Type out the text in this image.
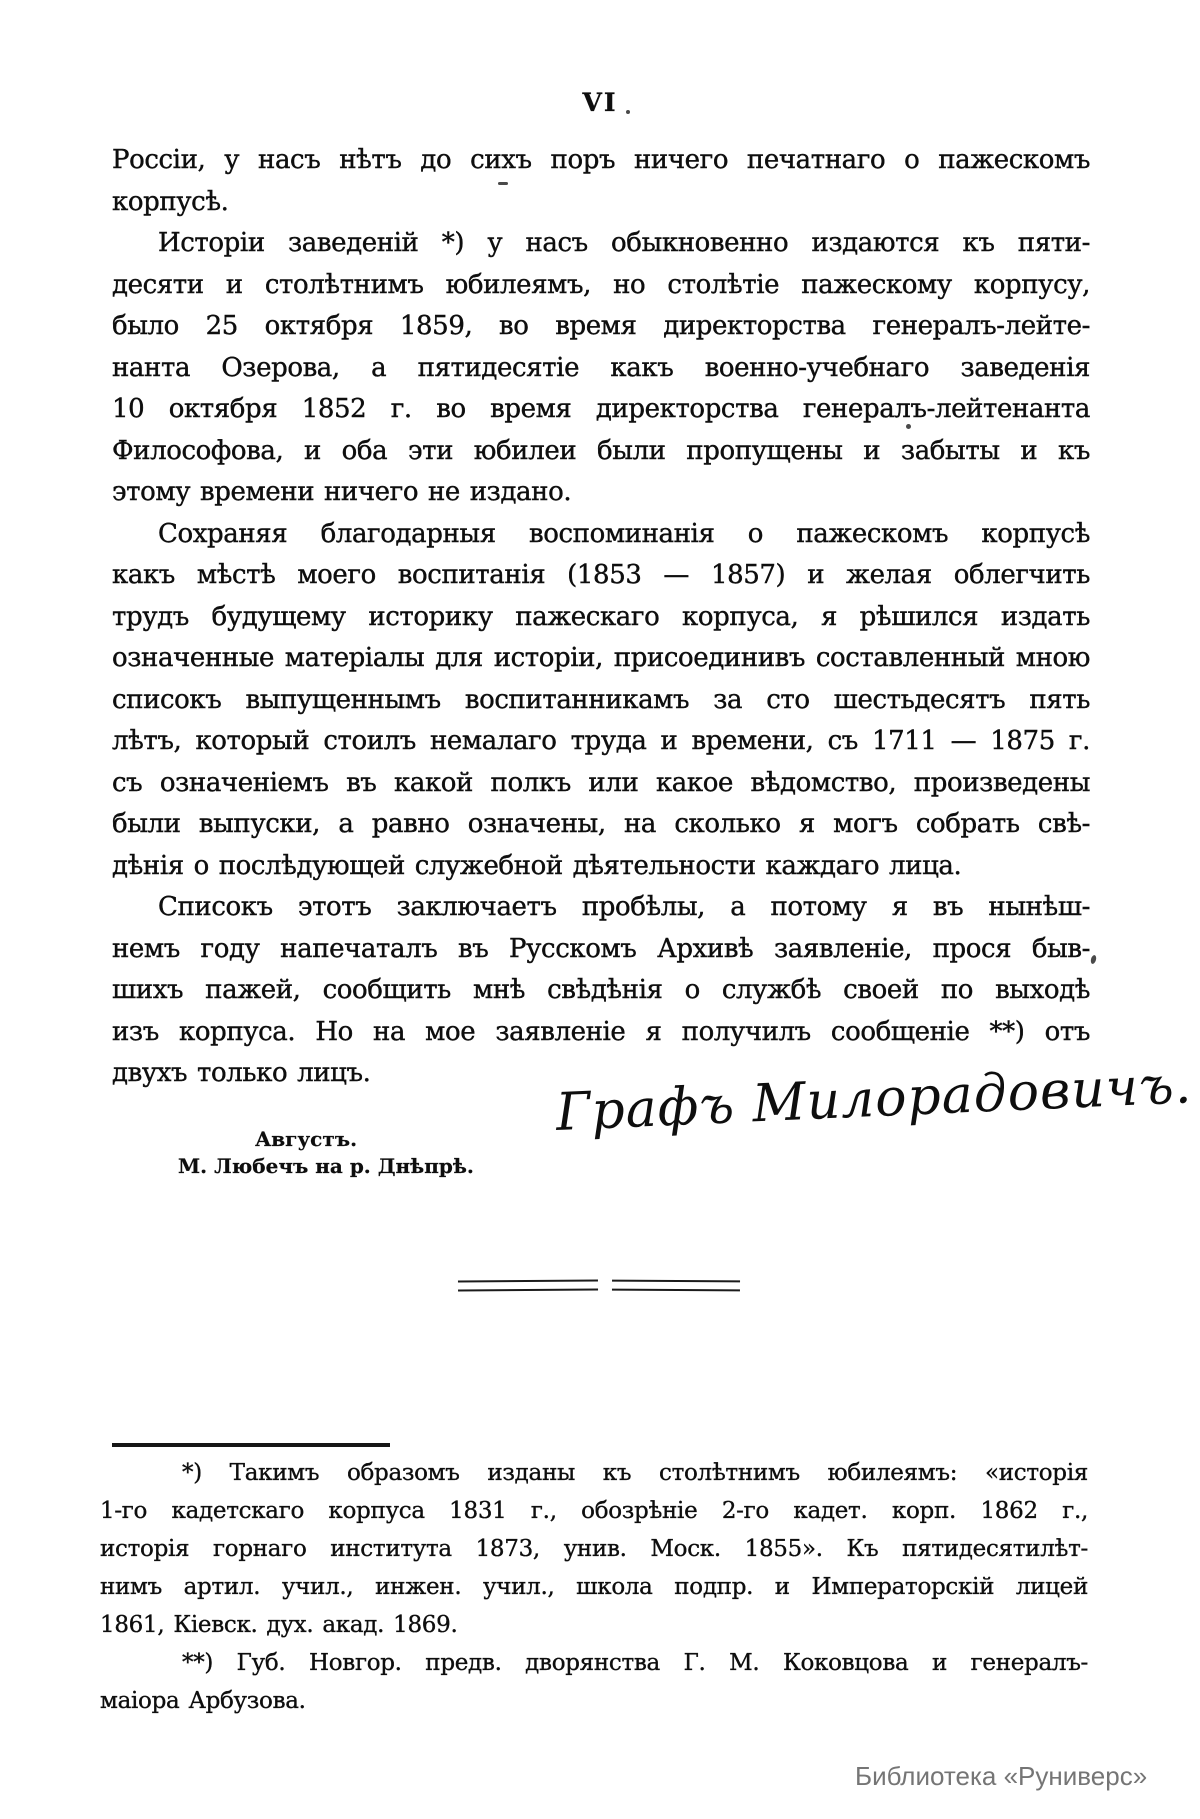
VI
Россіи, у насъ нѣтъ до сихъ поръ ничего печатнаго о пажескомъ
корпусѣ.
Исторіи заведеній *) у насъ обыкновенно издаются къ пяти-
десяти и столѣтнимъ юбилеямъ, но столѣтіе пажескому корпусу,
было 25 октября 1859, во время директорства генералъ-лейте-
нанта Озерова, а пятидесятіе какъ военно-учебнаго заведенія
10 октября 1852 г. во время директорства генералъ-лейтенанта
Философова, и оба эти юбилеи были пропущены и забыты и къ
этому времени ничего не издано.
Сохраняя благодарныя воспоминанія о пажескомъ корпусѣ
какъ мѣстѣ моего воспитанія (1853 — 1857) и желая облегчить
трудъ будущему историку пажескаго корпуса, я рѣшился издать
означенные матеріалы для исторіи, присоединивъ составленный мною
списокъ выпущеннымъ воспитанникамъ за сто шестьдесятъ пять
лѣтъ, который стоилъ немалаго труда и времени, съ 1711 — 1875 г.
съ означеніемъ въ какой полкъ или какое вѣдомство, произведены
были выпуски, а равно означены, на сколько я могъ собрать свѣ-
дѣнія о послѣдующей служебной дѣятельности каждаго лица.
Списокъ этотъ заключаетъ пробѣлы, а потому я въ нынѣш-
немъ году напечаталъ въ Русскомъ Архивѣ заявленіе, прося быв-
шихъ пажей, сообщить мнѣ свѣдѣнія о службѣ своей по выходѣ
изъ корпуса. Но на мое заявленіе я получилъ сообщеніе **) отъ
двухъ только лицъ.
Августъ.
М. Любечъ на р. Днѣпрѣ.
Графъ Милорадовичъ.
*) Такимъ образомъ изданы къ столѣтнимъ юбилеямъ: «исторія
1-го кадетскаго корпуса 1831 г., обозрѣніе 2-го кадет. корп. 1862 г.,
исторія горнаго института 1873, унив. Моск. 1855». Къ пятидесятилѣт-
нимъ артил. учил., инжен. учил., школа подпр. и Императорскій лицей
1861, Кіевск. дух. акад. 1869.
**) Губ. Новгор. предв. дворянства Г. М. Коковцова и генералъ-
маіора Арбузова.
Библиотека «Руниверс»
